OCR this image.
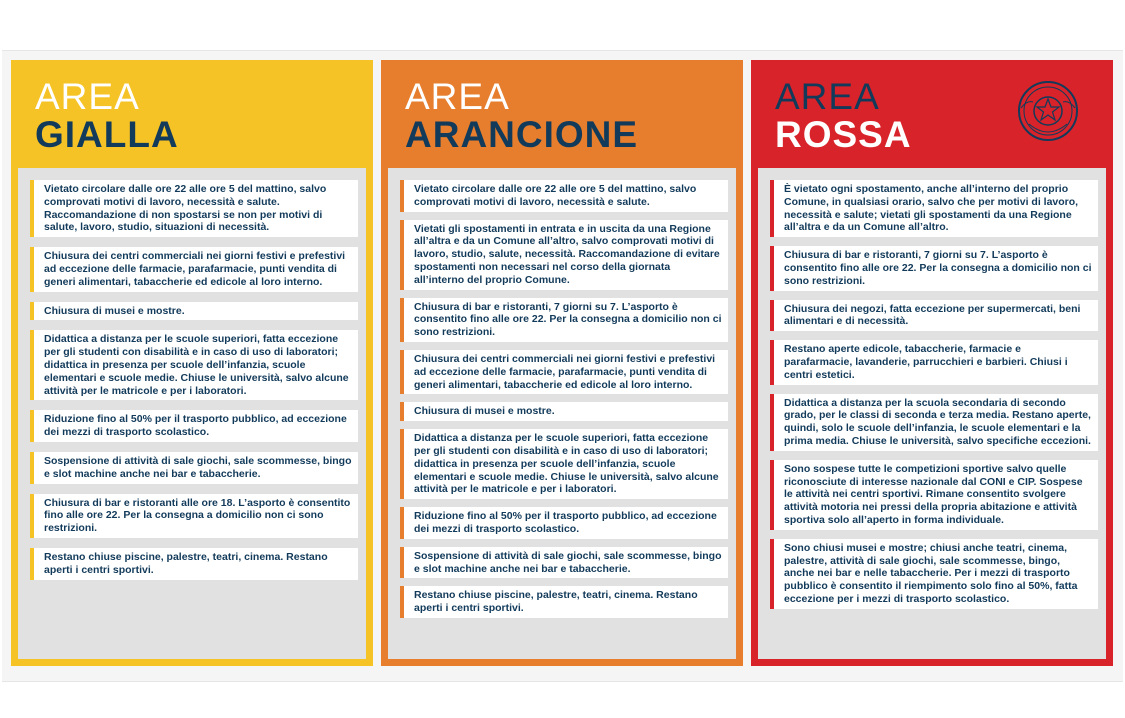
AREA
GIALLA
Vietato circolare dalle ore 22 alle ore 5 del mattino, salvo comprovati motivi di lavoro, necessità e salute. Raccomandazione di non spostarsi se non per motivi di salute, lavoro, studio, situazioni di necessità.
Chiusura dei centri commerciali nei giorni festivi e prefestivi ad eccezione delle farmacie, parafarmacie, punti vendita di generi alimentari, tabaccherie ed edicole al loro interno.
Chiusura di musei e mostre.
Didattica a distanza per le scuole superiori, fatta eccezione per gli studenti con disabilità e in caso di uso di laboratori; didattica in presenza per scuole dell’infanzia, scuole elementari e scuole medie. Chiuse le università, salvo alcune attività per le matricole e per i laboratori.
Riduzione fino al 50% per il trasporto pubblico, ad eccezione dei mezzi di trasporto scolastico.
Sospensione di attività di sale giochi, sale scommesse, bingo e slot machine anche nei bar e tabaccherie.
Chiusura di bar e ristoranti alle ore 18. L’asporto è consentito fino alle ore 22. Per la consegna a domicilio non ci sono restrizioni.
Restano chiuse piscine, palestre, teatri, cinema. Restano aperti i centri sportivi.
AREA
ARANCIONE
Vietato circolare dalle ore 22 alle ore 5 del mattino, salvo comprovati motivi di lavoro, necessità e salute.
Vietati gli spostamenti in entrata e in uscita da una Regione all’altra e da un Comune all’altro, salvo comprovati motivi di lavoro, studio, salute, necessità. Raccomandazione di evitare spostamenti non necessari nel corso della giornata all’interno del proprio Comune.
Chiusura di bar e ristoranti, 7 giorni su 7. L’asporto è consentito fino alle ore 22. Per la consegna a domicilio non ci sono restrizioni.
Chiusura dei centri commerciali nei giorni festivi e prefestivi ad eccezione delle farmacie, parafarmacie, punti vendita di generi alimentari, tabaccherie ed edicole al loro interno.
Chiusura di musei e mostre.
Didattica a distanza per le scuole superiori, fatta eccezione per gli studenti con disabilità e in caso di uso di laboratori; didattica in presenza per scuole dell’infanzia, scuole elementari e scuole medie. Chiuse le università, salvo alcune attività per le matricole e per i laboratori.
Riduzione fino al 50% per il trasporto pubblico, ad eccezione dei mezzi di trasporto scolastico.
Sospensione di attività di sale giochi, sale scommesse, bingo e slot machine anche nei bar e tabaccherie.
Restano chiuse piscine, palestre, teatri, cinema. Restano aperti i centri sportivi.
AREA
ROSSA
È vietato ogni spostamento, anche all’interno del proprio Comune, in qualsiasi orario, salvo che per motivi di lavoro, necessità e salute; vietati gli spostamenti da una Regione all’altra e da un Comune all’altro.
Chiusura di bar e ristoranti, 7 giorni su 7. L’asporto è consentito fino alle ore 22. Per la consegna a domicilio non ci sono restrizioni.
Chiusura dei negozi, fatta eccezione per supermercati, beni alimentari e di necessità.
Restano aperte edicole, tabaccherie, farmacie e parafarmacie, lavanderie, parrucchieri e barbieri. Chiusi i centri estetici.
Didattica a distanza per la scuola secondaria di secondo grado, per le classi di seconda e terza media. Restano aperte, quindi, solo le scuole dell’infanzia, le scuole elementari e la prima media. Chiuse le università, salvo specifiche eccezioni.
Sono sospese tutte le competizioni sportive salvo quelle riconosciute di interesse nazionale dal CONI e CIP. Sospese le attività nei centri sportivi. Rimane consentito svolgere attività motoria nei pressi della propria abitazione e attività sportiva solo all’aperto in forma individuale.
Sono chiusi musei e mostre; chiusi anche teatri, cinema, palestre, attività di sale giochi, sale scommesse, bingo, anche nei bar e nelle tabaccherie. Per i mezzi di trasporto pubblico è consentito il riempimento solo fino al 50%, fatta eccezione per i mezzi di trasporto scolastico.
